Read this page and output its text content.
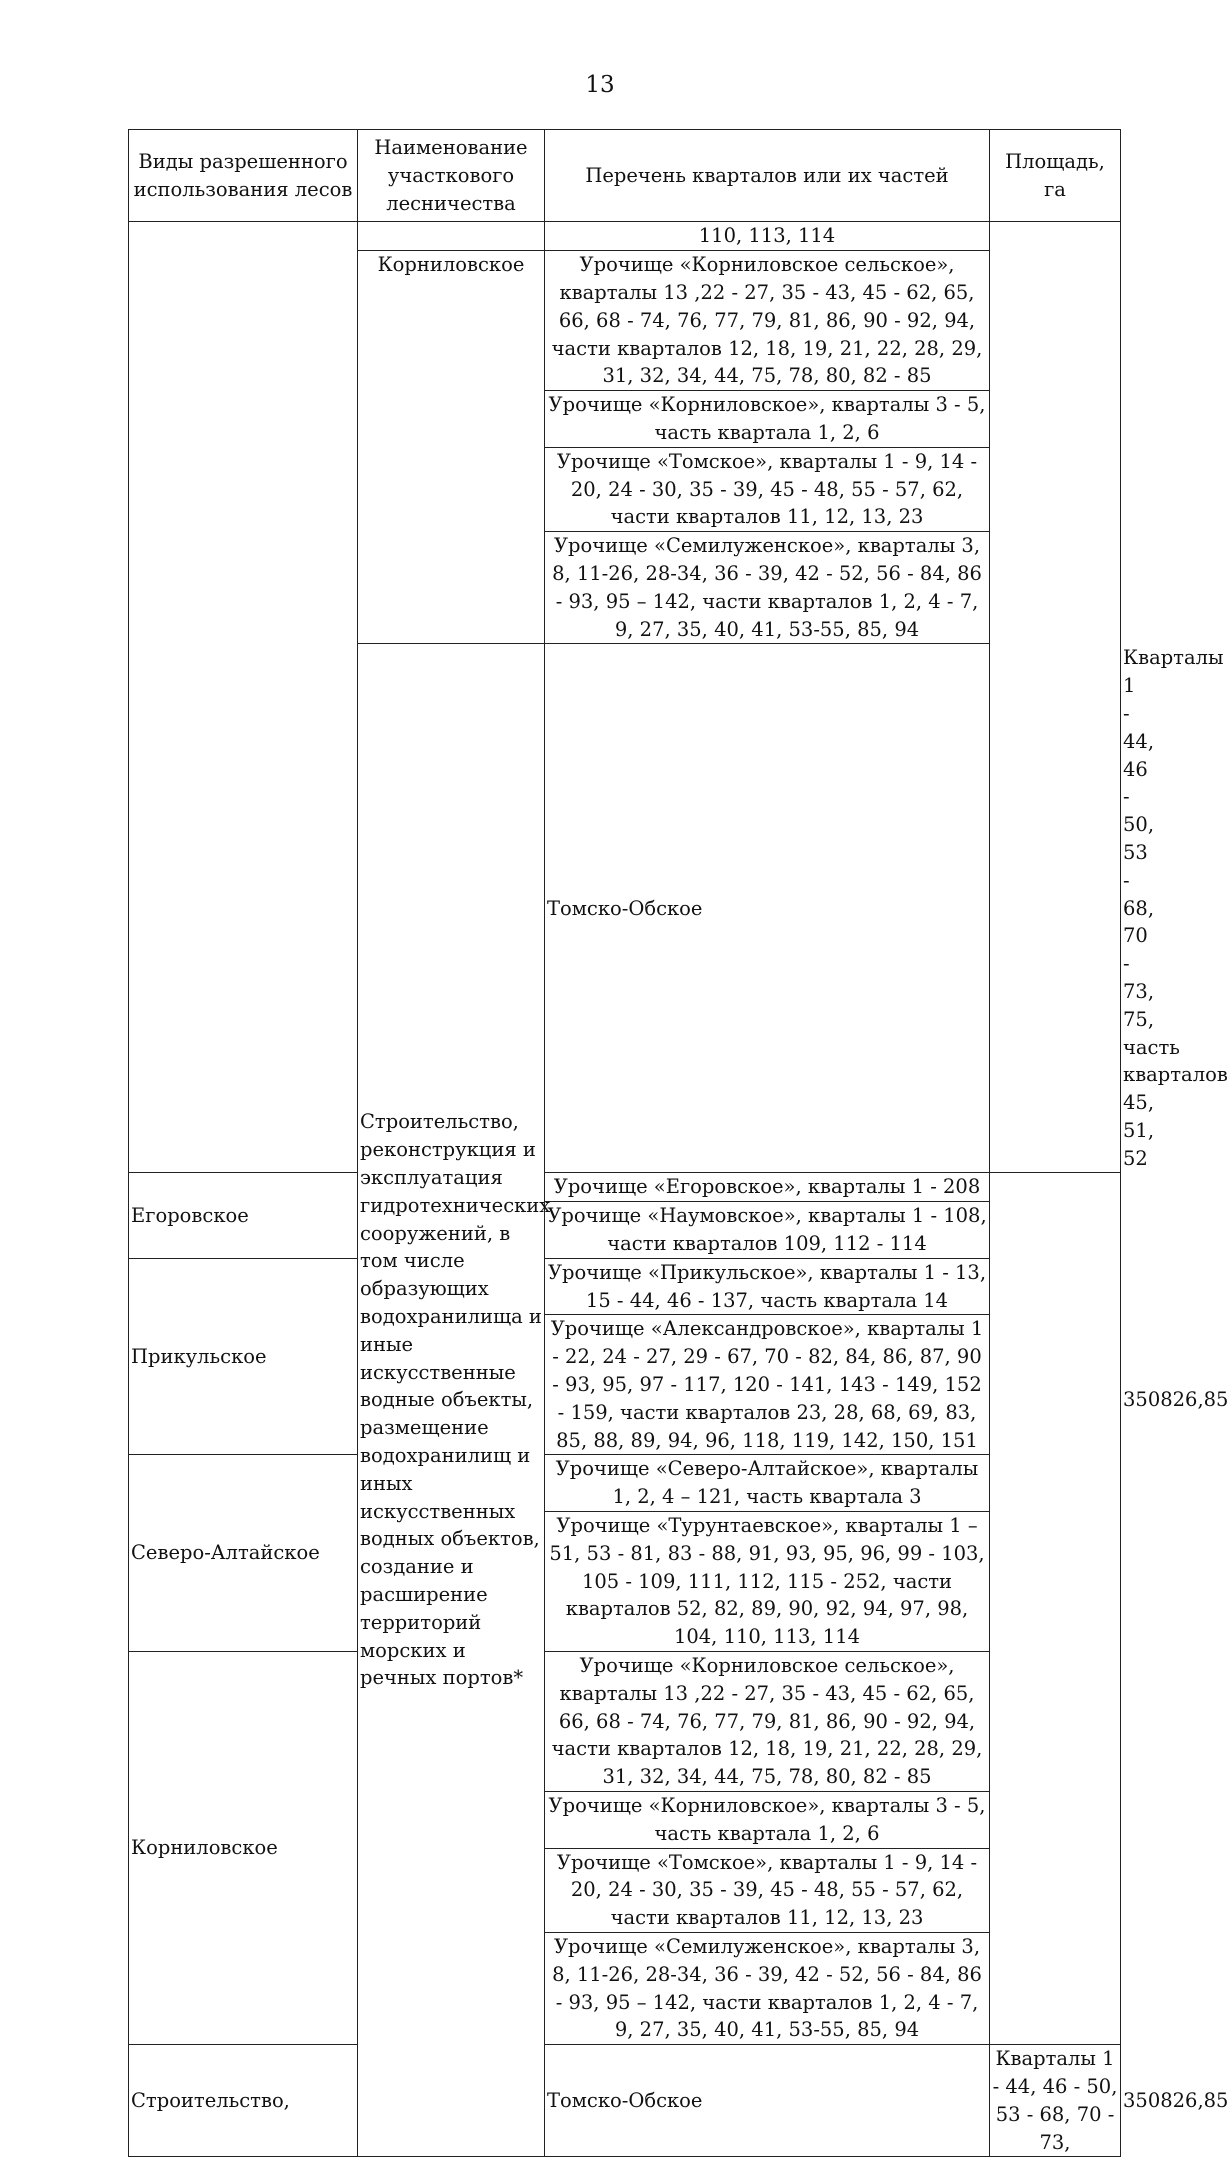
13
Виды разрешенного использования лесов	Наименование участкового лесничества	Перечень кварталов или их частей	Площадь, га	
		110, 113, 114		
	Корниловское	Урочище «Корниловское сельское», кварталы 13 ,22 - 27, 35 - 43, 45 - 62, 65, 66, 68 - 74, 76, 77, 79, 81, 86, 90 - 92, 94, части кварталов 12, 18, 19, 21, 22, 28, 29, 31, 32, 34, 44, 75, 78, 80, 82 - 85		
		Урочище «Корниловское», кварталы 3 - 5, часть квартала 1, 2, 6		
		Урочище «Томское», кварталы 1 - 9, 14 - 20, 24 - 30, 35 - 39, 45 - 48, 55 - 57, 62, части кварталов 11, 12, 13, 23		
		Урочище «Семилуженское», кварталы 3, 8, 11-26, 28-34, 36 - 39, 42 - 52, 56 - 84, 86 - 93, 95 – 142, части кварталов 1, 2, 4 - 7, 9, 27, 35, 40, 41, 53-55, 85, 94		
	Строительство, реконструкция и эксплуатация гидротехнических сооружений, в том числе образующих водохранилища и иные искусственные водные объекты, размещение водохранилищ и иных искусственных водных объектов, создание и расширение территорий морских и речных портов*	Томско-Обское		Кварталы 1 - 44, 46 - 50, 53 - 68, 70 - 73, 75, часть кварталов 45, 51, 52	350826,85
Егоровское		Урочище «Егоровское», кварталы 1 - 208		
		Урочище «Наумовское», кварталы 1 - 108, части кварталов 109, 112 - 114		
Прикульское		Урочище «Прикульское», кварталы 1 - 13, 15 - 44, 46 - 137, часть квартала 14		
		Урочище «Александровское», кварталы 1 - 22, 24 - 27, 29 - 67, 70 - 82, 84, 86, 87, 90 - 93, 95, 97 - 117, 120 - 141, 143 - 149, 152 - 159, части кварталов 23, 28, 68, 69, 83, 85, 88, 89, 94, 96, 118, 119, 142, 150, 151		
Северо-Алтайское		Урочище «Северо-Алтайское», кварталы 1, 2, 4 – 121, часть квартала 3		
		Урочище «Турунтаевское», кварталы 1 – 51, 53 - 81, 83 - 88, 91, 93, 95, 96, 99 - 103, 105 - 109, 111, 112, 115 - 252, части кварталов 52, 82, 89, 90, 92, 94, 97, 98, 104, 110, 113, 114		
Корниловское		Урочище «Корниловское сельское», кварталы 13 ,22 - 27, 35 - 43, 45 - 62, 65, 66, 68 - 74, 76, 77, 79, 81, 86, 90 - 92, 94, части кварталов 12, 18, 19, 21, 22, 28, 29, 31, 32, 34, 44, 75, 78, 80, 82 - 85		
		Урочище «Корниловское», кварталы 3 - 5, часть квартала 1, 2, 6		
		Урочище «Томское», кварталы 1 - 9, 14 - 20, 24 - 30, 35 - 39, 45 - 48, 55 - 57, 62, части кварталов 11, 12, 13, 23		
		Урочище «Семилуженское», кварталы 3, 8, 11-26, 28-34, 36 - 39, 42 - 52, 56 - 84, 86 - 93, 95 – 142, части кварталов 1, 2, 4 - 7, 9, 27, 35, 40, 41, 53-55, 85, 94		
Строительство,		Томско-Обское	Кварталы 1 - 44, 46 - 50, 53 - 68, 70 - 73,	350826,85
